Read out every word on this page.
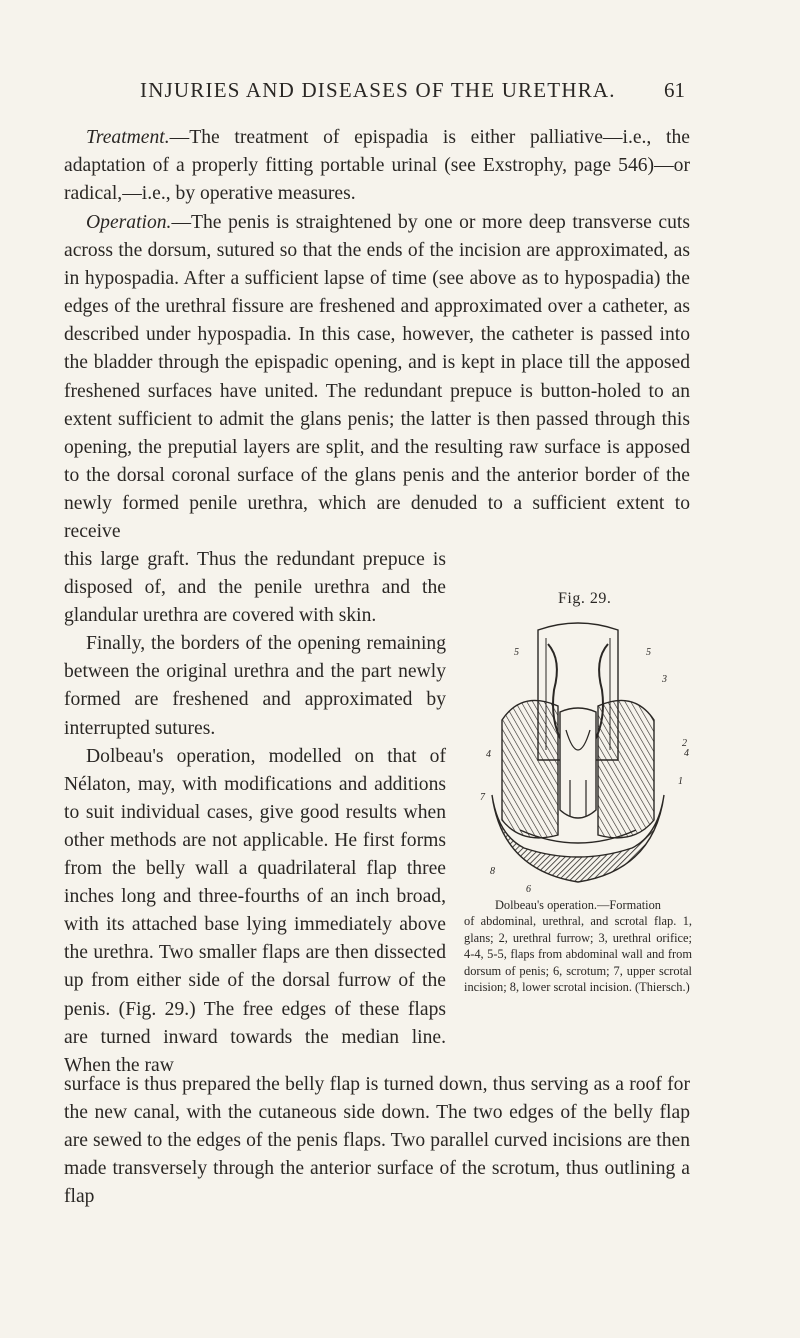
INJURIES AND DISEASES OF THE URETHRA. 61

Treatment.—The treatment of epispadia is either palliative—i.e., the adaptation of a properly fitting portable urinal (see Exstrophy, page 546)—or radical,—i.e., by operative measures.

Operation.—The penis is straightened by one or more deep transverse cuts across the dorsum, sutured so that the ends of the incision are approximated, as in hypospadia. After a sufficient lapse of time (see above as to hypospadia) the edges of the urethral fissure are freshened and approximated over a catheter, as described under hypospadia. In this case, however, the catheter is passed into the bladder through the epispadic opening, and is kept in place till the apposed freshened surfaces have united. The redundant prepuce is button-holed to an extent sufficient to admit the glans penis; the latter is then passed through this opening, the preputial layers are split, and the resulting raw surface is apposed to the dorsal coronal surface of the glans penis and the anterior border of the newly formed penile urethra, which are denuded to a sufficient extent to receive

this large graft. Thus the redundant prepuce is disposed of, and the penile urethra and the glandular urethra are covered with skin.

Finally, the borders of the opening remaining between the original urethra and the part newly formed are freshened and approximated by interrupted sutures.

Dolbeau's operation, modelled on that of Nélaton, may, with modifications and additions to suit individual cases, give good results when other methods are not applicable. He first forms from the belly wall a quadrilateral flap three inches long and three-fourths of an inch broad, with its attached base lying immediately above the urethra. Two smaller flaps are then dissected up from either side of the dorsal furrow of the penis. (Fig. 29.) The free edges of these flaps are turned inward towards the median line. When the raw

surface is thus prepared the belly flap is turned down, thus serving as a roof for the new canal, with the cutaneous side down. The two edges of the belly flap are sewed to the edges of the penis flaps. Two parallel curved incisions are then made transversely through the anterior surface of the scrotum, thus outlining a flap

Fig. 29.
5	5
3
2
4
4
7
1
8
6
Dolbeau's operation.—Formation
of abdominal, urethral, and scrotal flap. 1, glans; 2, urethral furrow; 3, urethral orifice; 4-4, 5-5, flaps from abdominal wall and from dorsum of penis; 6, scrotum; 7, upper scrotal incision; 8, lower scrotal incision. (Thiersch.)
